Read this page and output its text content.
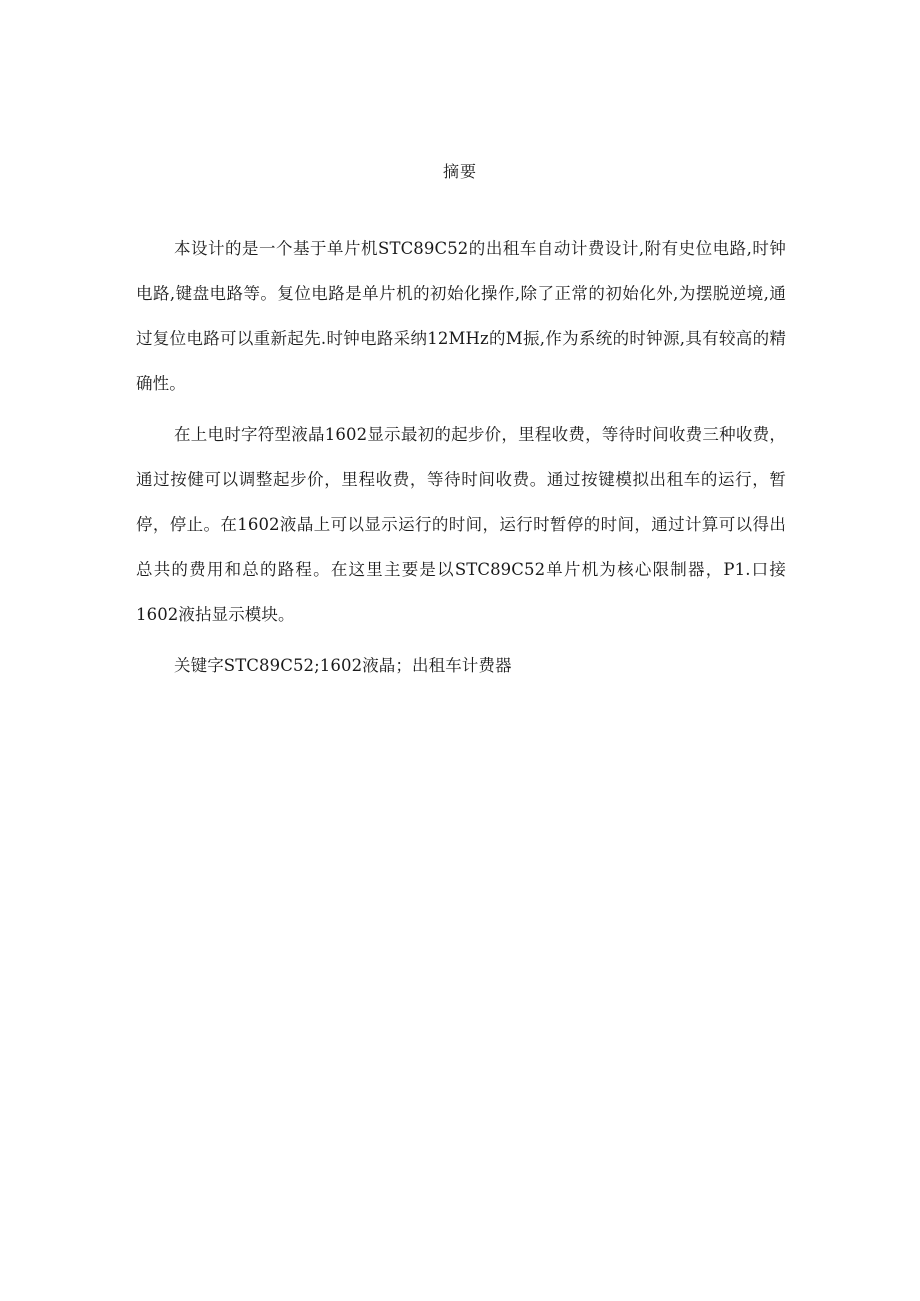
摘要

本设计的是一个基于单片机STC89C52的出租车自动计费设计,附有史位电路,时钟电路,键盘电路等。复位电路是单片机的初始化操作,除了正常的初始化外,为摆脱逆境,通过复位电路可以重新起先.时钟电路采纳12MHz的M振,作为系统的时钟源,具有较高的精确性。

在上电时字符型液晶1602显示最初的起步价，里程收费，等待时间收费三种收费，通过按健可以调整起步价，里程收费，等待时间收费。通过按键模拟出租车的运行，暂停，停止。在1602液晶上可以显示运行的时间，运行时暂停的时间，通过计算可以得出总共的费用和总的路程。在这里主要是以STC89C52单片机为核心限制器，P1.口接1602液拈显示模块。

关键字STC89C52;1602液晶；出租车计费器
